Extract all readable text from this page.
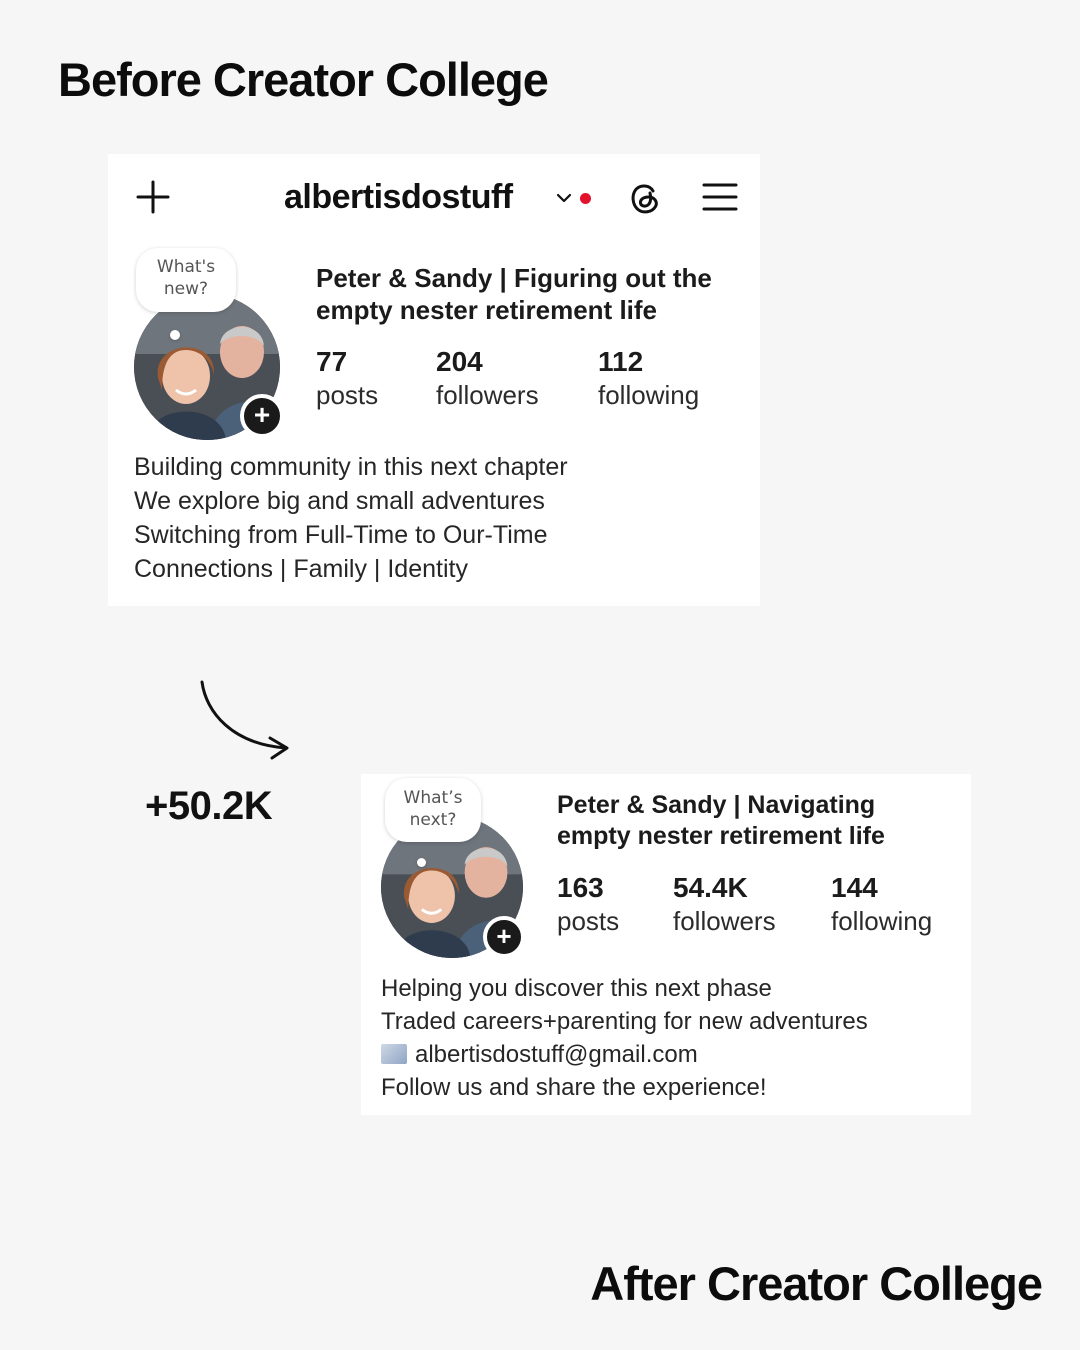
Before Creator College
albertisdostuff
What's
new?
+
Peter & Sandy | Figuring out the
empty nester retirement life
77
posts
204
followers
112
following
Building community in this next chapter
We explore big and small adventures
Switching from Full-Time to Our-Time
Connections | Family | Identity
+50.2K	What’s
next?
+
Peter & Sandy | Navigating
empty nester retirement life
163
posts
54.4K
followers
144
following
Helping you discover this next phase
Traded careers+parenting for new adventures
albertisdostuff@gmail.com
Follow us and share the experience!
After Creator College
